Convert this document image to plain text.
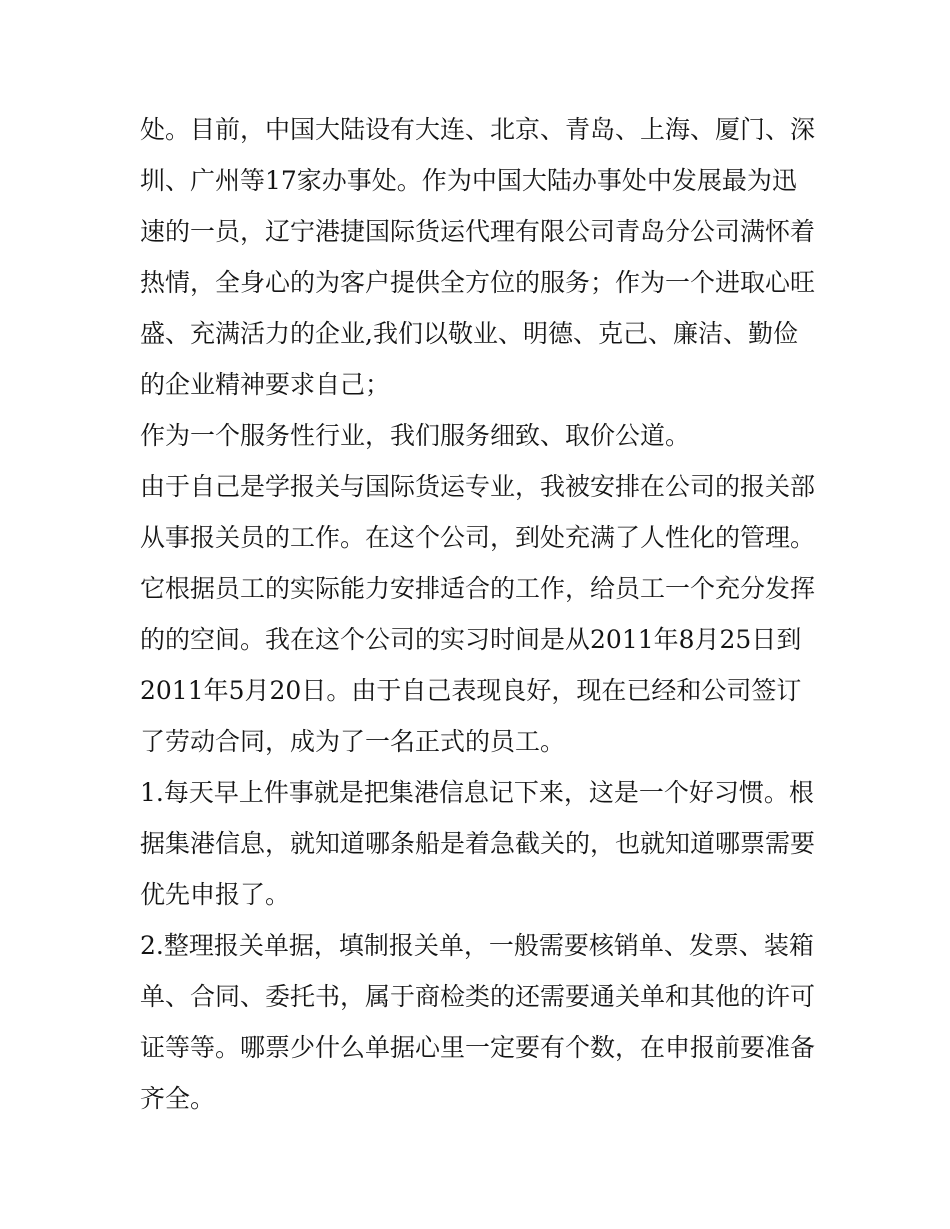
处。目前，中国大陆设有大连、北京、青岛、上海、厦门、深
圳、广州等17家办事处。作为中国大陆办事处中发展最为迅
速的一员，辽宁港捷国际货运代理有限公司青岛分公司满怀着
热情，全身心的为客户提供全方位的服务；作为一个进取心旺
盛、充满活力的企业,我们以敬业、明德、克己、廉洁、勤俭
的企业精神要求自己；
作为一个服务性行业，我们服务细致、取价公道。
由于自己是学报关与国际货运专业，我被安排在公司的报关部
从事报关员的工作。在这个公司，到处充满了人性化的管理。
它根据员工的实际能力安排适合的工作，给员工一个充分发挥
的的空间。我在这个公司的实习时间是从2011年8月25日到
2011年5月20日。由于自己表现良好，现在已经和公司签订
了劳动合同，成为了一名正式的员工。
1.每天早上件事就是把集港信息记下来，这是一个好习惯。根
据集港信息，就知道哪条船是着急截关的，也就知道哪票需要
优先申报了。
2.整理报关单据，填制报关单，一般需要核销单、发票、装箱
单、合同、委托书，属于商检类的还需要通关单和其他的许可
证等等。哪票少什么单据心里一定要有个数，在申报前要准备
齐全。
